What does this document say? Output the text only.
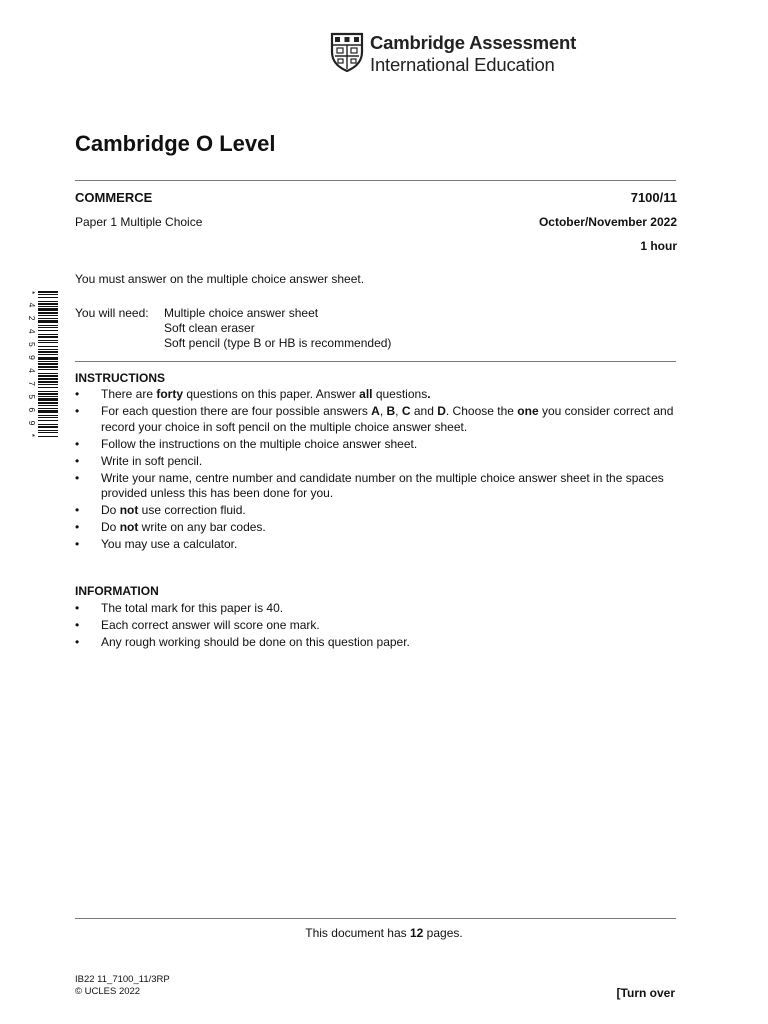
Cambridge Assessment
International Education
Cambridge O Level
COMMERCE	7100/11
Paper 1 Multiple Choice	October/November 2022
1 hour
You must answer on the multiple choice answer sheet.
You will need: Multiple choice answer sheet
Soft clean eraser
Soft pencil (type B or HB is recommended)
* 4 2 4 5 9 4 7 5 6 9 *
INSTRUCTIONS
• There are forty questions on this paper. Answer all questions.
• For each question there are four possible answers A, B, C and D. Choose the one you consider correct and record your choice in soft pencil on the multiple choice answer sheet.
• Follow the instructions on the multiple choice answer sheet.
• Write in soft pencil.
• Write your name, centre number and candidate number on the multiple choice answer sheet in the spaces provided unless this has been done for you.
• Do not use correction fluid.
• Do not write on any bar codes.
• You may use a calculator.
INFORMATION
• The total mark for this paper is 40.
• Each correct answer will score one mark.
• Any rough working should be done on this question paper.
This document has 12 pages.
IB22 11_7100_11/3RP
© UCLES 2022	[Turn over
